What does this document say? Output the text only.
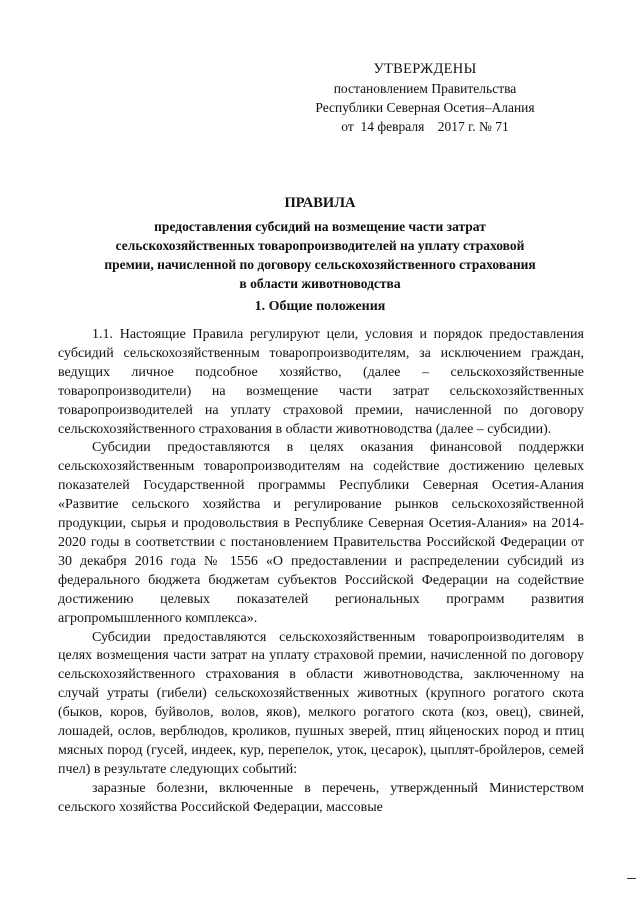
УТВЕРЖДЕНЫ
постановлением Правительства
Республики Северная Осетия–Алания
от  14 февраля    2017 г. № 71
ПРАВИЛА
предоставления субсидий на возмещение части затрат
сельскохозяйственных товаропроизводителей на уплату страховой
премии, начисленной по договору сельскохозяйственного страхования
в области животноводства
1. Общие положения

1.1. Настоящие Правила регулируют цели, условия и порядок предоставления субсидий сельскохозяйственным товаропроизводителям, за исключением граждан, ведущих личное подсобное хозяйство, (далее – сельскохозяйственные товаропроизводители) на возмещение части затрат сельскохозяйственных товаропроизводителей на уплату страховой премии, начисленной по договору сельскохозяйственного страхования в области животноводства (далее – субсидии).

Субсидии предоставляются в целях оказания финансовой поддержки сельскохозяйственным товаропроизводителям на содействие достижению целевых показателей Государственной программы Республики Северная Осетия-Алания «Развитие сельского хозяйства и регулирование рынков сельскохозяйственной продукции, сырья и продовольствия в Республике Северная Осетия-Алания» на 2014-2020 годы в соответствии с постановлением Правительства Российской Федерации от 30 декабря 2016 года № 1556 «О предоставлении и распределении субсидий из федерального бюджета бюджетам субъектов Российской Федерации на содействие достижению целевых показателей региональных программ развития агропромышленного комплекса».

Субсидии предоставляются сельскохозяйственным товаропроизводителям в целях возмещения части затрат на уплату страховой премии, начисленной по договору сельскохозяйственного страхования в области животноводства, заключенному на случай утраты (гибели) сельскохозяйственных животных (крупного рогатого скота (быков, коров, буйволов, волов, яков), мелкого рогатого скота (коз, овец), свиней, лошадей, ослов, верблюдов, кроликов, пушных зверей, птиц яйценоских пород и птиц мясных пород (гусей, индеек, кур, перепелок, уток, цесарок), цыплят-бройлеров, семей пчел) в результате следующих событий:

заразные болезни, включенные в перечень, утвержденный Министерством сельского хозяйства Российской Федерации, массовые
